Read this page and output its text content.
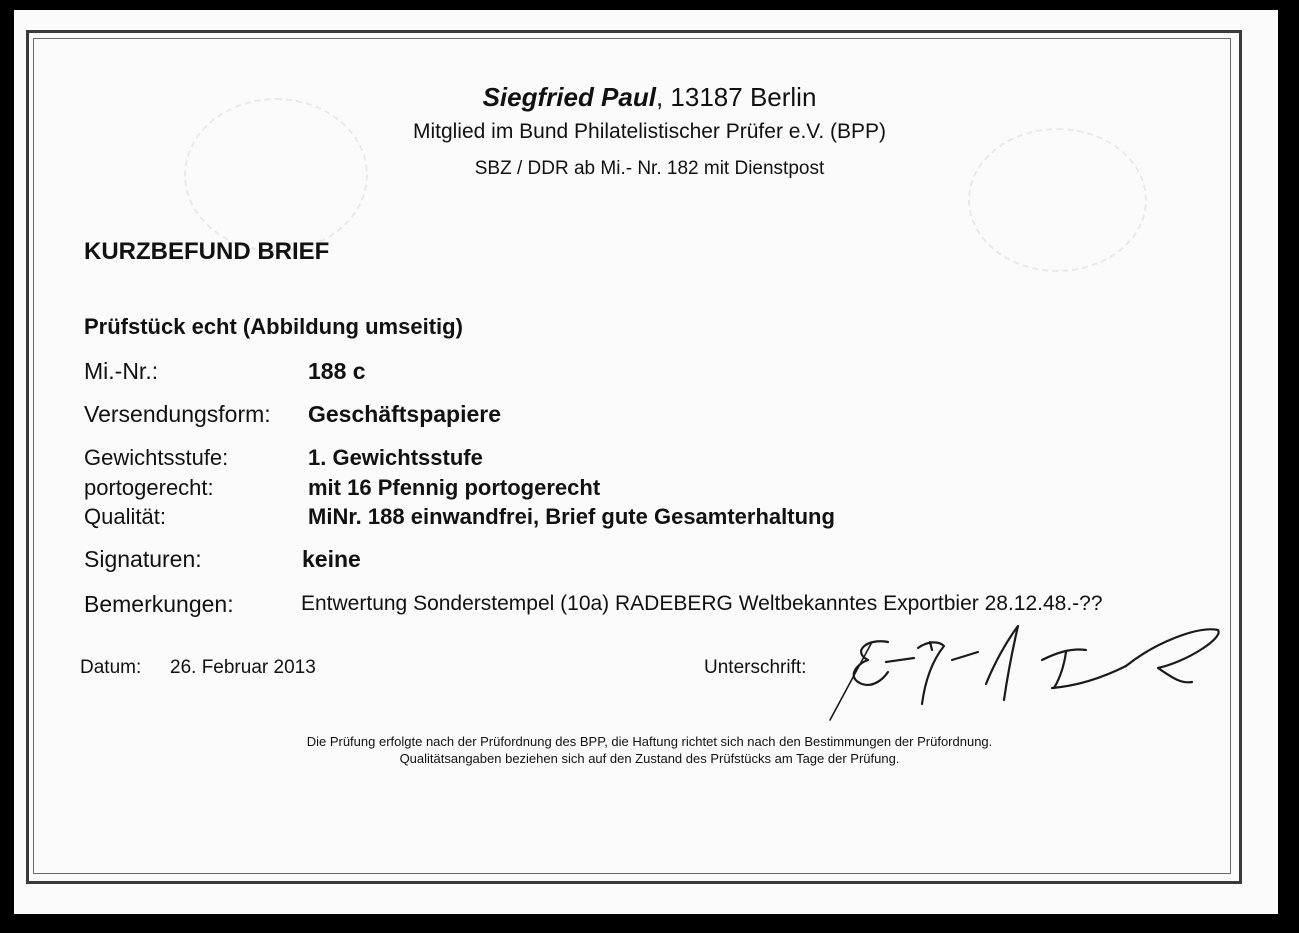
Siegfried Paul, 13187 Berlin
Mitglied im Bund Philatelistischer Prüfer e.V. (BPP)
SBZ / DDR ab Mi.- Nr. 182 mit Dienstpost
KURZBEFUND BRIEF
Prüfstück echt (Abbildung umseitig)
Mi.-Nr.:	188 c
Versendungsform: Geschäftspapiere
Gewichtsstufe:	1. Gewichtsstufe
portogerecht:	mit 16 Pfennig portogerecht
Qualität:	MiNr. 188 einwandfrei, Brief gute Gesamterhaltung
Signaturen:	keine
Bemerkungen:	Entwertung Sonderstempel (10a) RADEBERG Weltbekanntes Exportbier 28.12.48.-??
Datum: 26. Februar 2013	Unterschrift:
Die Prüfung erfolgte nach der Prüfordnung des BPP, die Haftung richtet sich nach den Bestimmungen der Prüfordnung.
Qualitätsangaben beziehen sich auf den Zustand des Prüfstücks am Tage der Prüfung.
